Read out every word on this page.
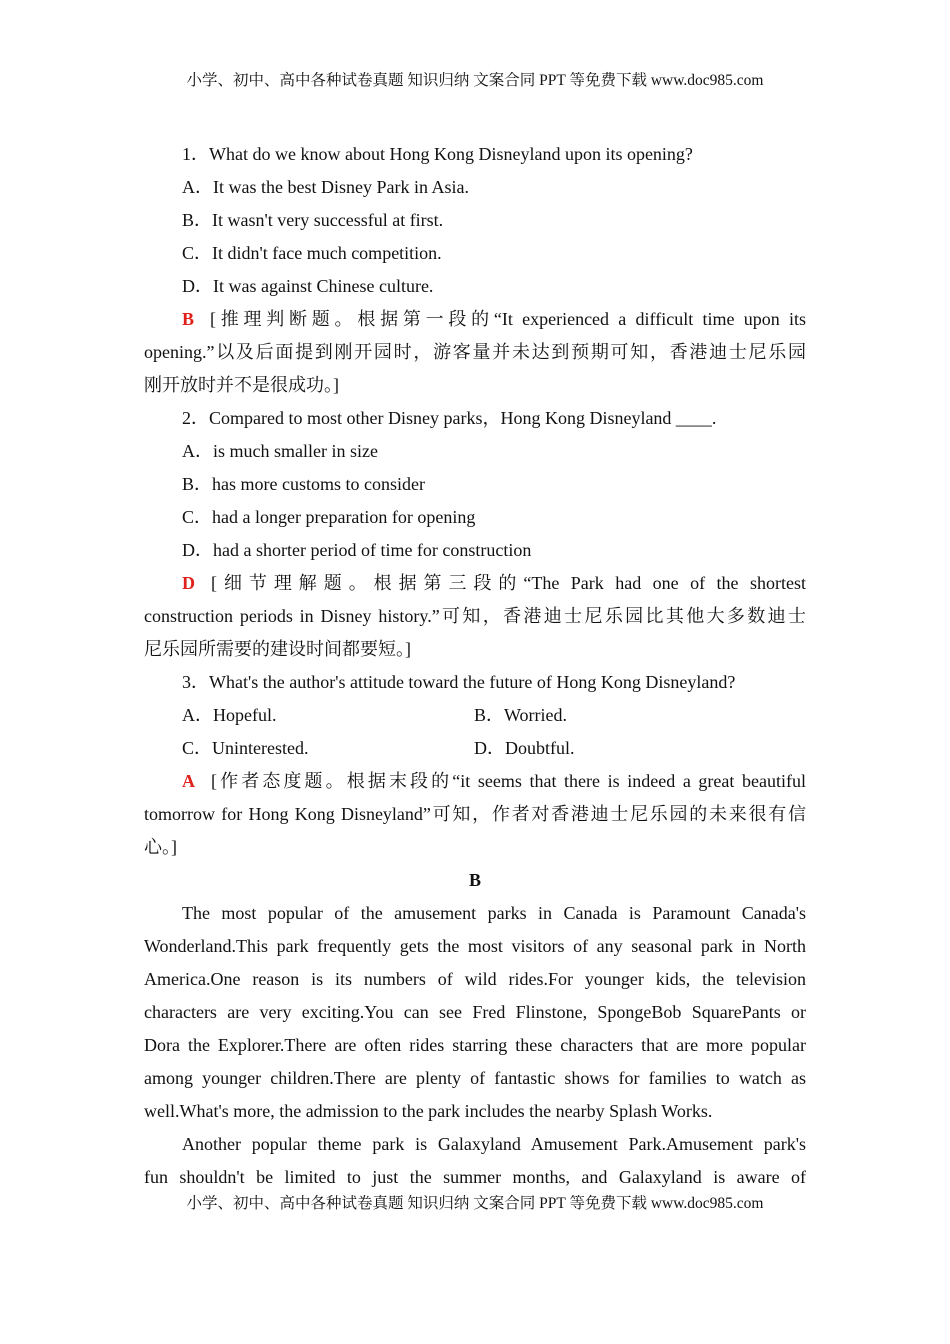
小学、初中、高中各种试卷真题 知识归纳 文案合同 PPT 等免费下载 www.doc985.com
1．What do we know about Hong Kong Disneyland upon its opening?
A．It was the best Disney Park in Asia.
B．It wasn't very successful at first.
C．It didn't face much competition.
D．It was against Chinese culture.
B [推理判断题。根据第一段的“It experienced a difficult time upon its
opening.”以及后面提到刚开园时，游客量并未达到预期可知，香港迪士尼乐园
刚开放时并不是很成功。]
2．Compared to most other Disney parks，Hong Kong Disneyland ____.
A．is much smaller in size
B．has more customs to consider
C．had a longer preparation for opening
D．had a shorter period of time for construction
D [细节理解题。根据第三段的“The Park had one of the shortest
construction periods in Disney history.”可知，香港迪士尼乐园比其他大多数迪士
尼乐园所需要的建设时间都要短。]
3．What's the author's attitude toward the future of Hong Kong Disneyland?
A．Hopeful.	B．Worried.
C．Uninterested.	D．Doubtful.
A [作者态度题。根据末段的“it seems that there is indeed a great beautiful
tomorrow for Hong Kong Disneyland”可知，作者对香港迪士尼乐园的未来很有信
心。]
B
The most popular of the amusement parks in Canada is Paramount Canada's
Wonderland.This park frequently gets the most visitors of any seasonal park in North
America.One reason is its numbers of wild rides.For younger kids, the television
characters are very exciting.You can see Fred Flinstone, SpongeBob SquarePants or
Dora the Explorer.There are often rides starring these characters that are more popular
among younger children.There are plenty of fantastic shows for families to watch as
well.What's more, the admission to the park includes the nearby Splash Works.
Another popular theme park is Galaxyland Amusement Park.Amusement park's
fun shouldn't be limited to just the summer months, and Galaxyland is aware of
小学、初中、高中各种试卷真题 知识归纳 文案合同 PPT 等免费下载 www.doc985.com
